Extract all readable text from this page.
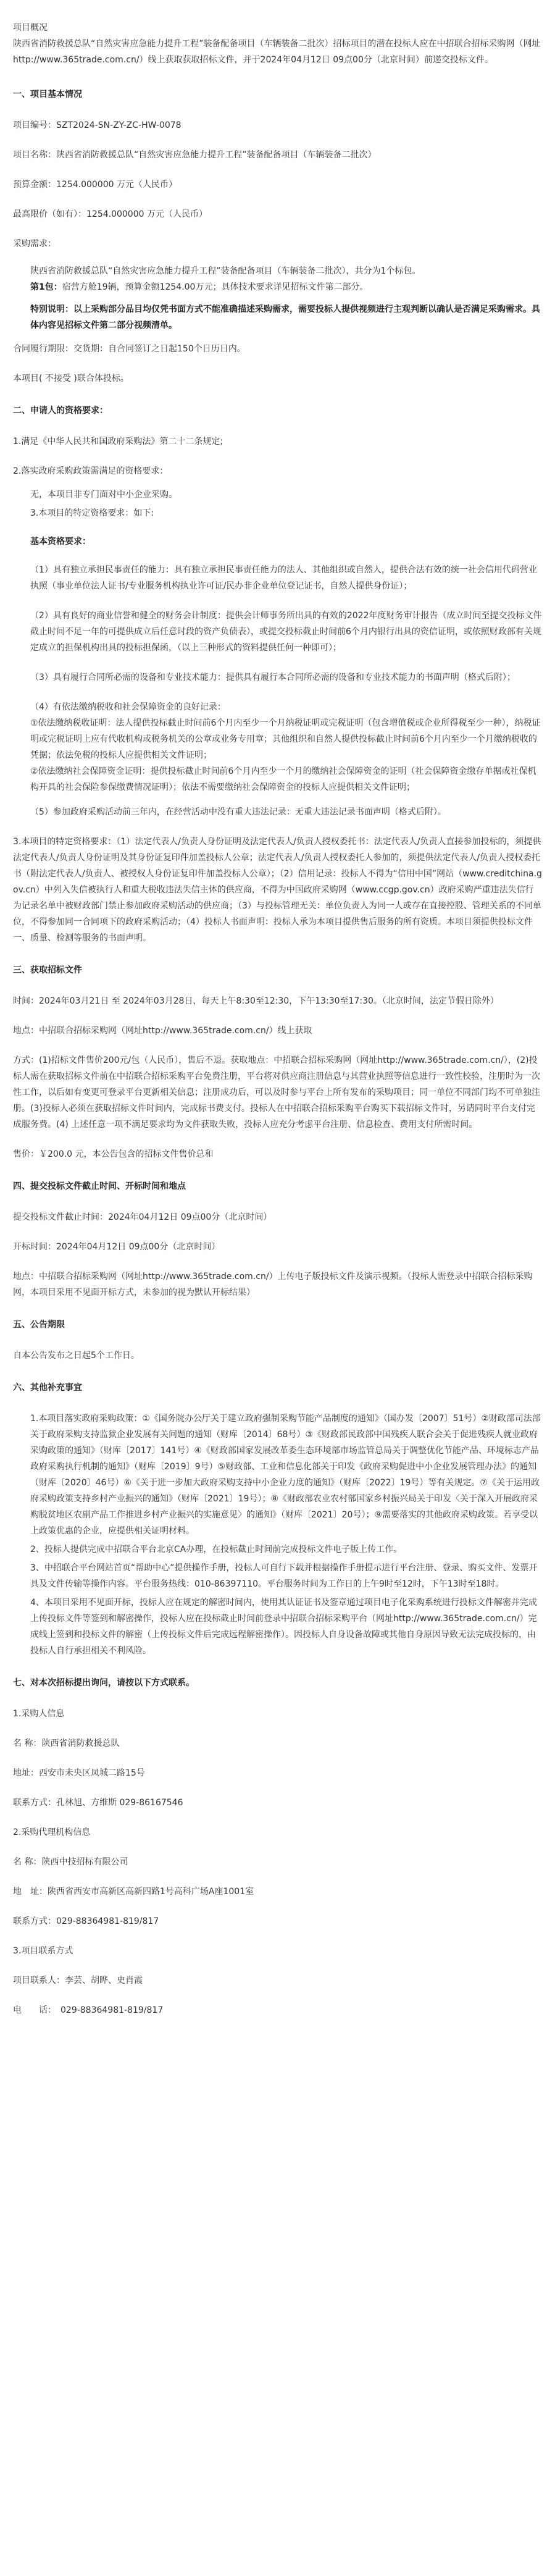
项目概况

陕西省消防救援总队“自然灾害应急能力提升工程”装备配备项目（车辆装备二批次）招标项目的潜在投标人应在中招联合招标采购网（网址http://www.365trade.com.cn/）线上获取获取招标文件，并于2024年04月12日 09点00分（北京时间）前递交投标文件。

一、项目基本情况

项目编号：SZT2024-SN-ZY-ZC-HW-0078

项目名称：陕西省消防救援总队“自然灾害应急能力提升工程”装备配备项目（车辆装备二批次）

预算金额：1254.000000 万元（人民币）

最高限价（如有）：1254.000000 万元（人民币）

采购需求：

陕西省消防救援总队“自然灾害应急能力提升工程”装备配备项目（车辆装备二批次），共分为1个标包。

第1包：宿营方舱19辆，预算金额1254.00万元；具体技术要求详见招标文件第二部分。

特别说明：以上采购部分品目均仅凭书面方式不能准确描述采购需求，需要投标人提供视频进行主观判断以确认是否满足采购需求。具体内容见招标文件第二部分视频清单。

合同履行期限：交货期：自合同签订之日起150个日历日内。

本项目( 不接受 )联合体投标。

二、申请人的资格要求：

1.满足《中华人民共和国政府采购法》第二十二条规定;

2.落实政府采购政策需满足的资格要求：

无，本项目非专门面对中小企业采购。

3.本项目的特定资格要求：如下:

基本资格要求：

（1）具有独立承担民事责任的能力：具有独立承担民事责任能力的法人、其他组织或自然人，提供合法有效的统一社会信用代码营业执照（事业单位法人证书/专业服务机构执业许可证/民办非企业单位登记证书，自然人提供身份证）；

（2）具有良好的商业信誉和健全的财务会计制度：提供会计师事务所出具的有效的2022年度财务审计报告（成立时间至提交投标文件截止时间不足一年的可提供成立后任意时段的资产负债表），或提交投标截止时间前6个月内银行出具的资信证明，或依照财政部有关规定成立的担保机构出具的投标担保函，（以上三种形式的资料提供任何一种即可）；

（3）具有履行合同所必需的设备和专业技术能力：提供具有履行本合同所必需的设备和专业技术能力的书面声明（格式后附）；

（4）有依法缴纳税收和社会保障资金的良好记录：

①依法缴纳税收证明：法人提供投标截止时间前6个月内至少一个月纳税证明或完税证明（包含增值税或企业所得税至少一种），纳税证明或完税证明上应有代收机构或税务机关的公章或业务专用章；其他组织和自然人提供投标截止时间前6个月内至少一个月缴纳税收的凭据；依法免税的投标人应提供相关文件证明；

②依法缴纳社会保障资金证明：提供投标截止时间前6个月内至少一个月的缴纳社会保障资金的证明（社会保障资金缴存单据或社保机构开具的社会保险参保缴费情况证明）；依法不需要缴纳社会保障资金的投标人应提供相关文件证明；

（5）参加政府采购活动前三年内，在经营活动中没有重大违法记录：无重大违法记录书面声明（格式后附）。

3.本项目的特定资格要求：（1）法定代表人/负责人身份证明及法定代表人/负责人授权委托书：法定代表人/负责人直接参加投标的，须提供法定代表人/负责人身份证明及其身份证复印件加盖投标人公章；法定代表人/负责人授权委托人参加的，须提供法定代表人/负责人授权委托书（附法定代表人/负责人、被授权人身份证复印件加盖投标人公章）；（2）信用记录：投标人不得为“信用中国”网站（www.creditchina.gov.cn）中列入失信被执行人和重大税收违法失信主体的供应商，不得为中国政府采购网（www.ccgp.gov.cn）政府采购严重违法失信行为记录名单中被财政部门禁止参加政府采购活动的供应商；（3）与投标管理无关：单位负责人为同一人或存在直接控股、管理关系的不同单位，不得参加同一合同项下的政府采购活动；（4）投标人书面声明：投标人承为本项目提供售后服务的所有资质。本项目须提供投标文件一、质量、检测等服务的书面声明。

三、获取招标文件

时间：2024年03月21日 至 2024年03月28日，每天上午8:30至12:30，下午13:30至17:30。（北京时间，法定节假日除外）

地点：中招联合招标采购网（网址http://www.365trade.com.cn/）线上获取

方式：(1)招标文件售价200元/包（人民币），售后不退。获取地点：中招联合招标采购网（网址http://www.365trade.com.cn/），(2)投标人需在获取招标文件前在中招联合招标采购平台免费注册，平台将对供应商注册信息与其营业执照等信息进行一致性校验，注册时为一次性工作，以后如有变更可登录平台更新相关信息；注册成功后，可以及时参与平台上所有发布的采购项目；同一单位不同部门均不可单独注册。(3)投标人必须在获取招标文件时间内，完成标书费支付。投标人在中招联合招标采购平台购买下载招标文件时，另请同时平台支付完成服务费。(4) 上述任意一项不满足要求均为文件获取失败，投标人应充分考虑平台注册、信息检查、费用支付所需时间。

售价：￥200.0 元，本公告包含的招标文件售价总和

四、提交投标文件截止时间、开标时间和地点

提交投标文件截止时间：2024年04月12日 09点00分（北京时间）

开标时间：2024年04月12日 09点00分（北京时间）

地点：中招联合招标采购网（网址http://www.365trade.com.cn/）上传电子版投标文件及演示视频。（投标人需登录中招联合招标采购网，本项目采用不见面开标方式，未参加的视为默认开标结果）

五、公告期限

自本公告发布之日起5个工作日。

六、其他补充事宜

1.本项目落实政府采购政策：①《国务院办公厅关于建立政府强制采购节能产品制度的通知》（国办发〔2007〕51号）②财政部司法部关于政府采购支持监狱企业发展有关问题的通知（财库〔2014〕68号）③《财政部民政部中国残疾人联合会关于促进残疾人就业政府采购政策的通知》（财库〔2017〕141号）④《财政部国家发展改革委生态环境部市场监管总局关于调整优化节能产品、环境标志产品政府采购执行机制的通知》（财库〔2019〕9号）⑤财政部、工业和信息化部关于印发《政府采购促进中小企业发展管理办法》的通知（财库〔2020〕46号）⑥《关于进一步加大政府采购支持中小企业力度的通知》（财库〔2022〕19号）等有关规定。⑦《关于运用政府采购政策支持乡村产业振兴的通知》（财库〔2021〕19号）；⑧《财政部农业农村部国家乡村振兴局关于印发〈关于深入开展政府采购脱贫地区农副产品工作推进乡村产业振兴的实施意见〉的通知》（财库〔2021〕20号）；⑨需要落实的其他政府采购政策。若享受以上政策优惠的企业，应提供相关证明材料。

2、投标人提供完成中招联合平台北京CA办理，在投标截止时间前完成投标文件电子版上传工作。

3、中招联合平台网站首页“帮助中心”提供操作手册，投标人可自行下载并根据操作手册提示进行平台注册、登录、购买文件、发票开具及文件传输等操作内容。平台服务热线：010-86397110。平台服务时间为工作日的上午9时至12时，下午13时至18时。

4、本项目采用不见面开标，投标人应在规定的解密时间内，使用其认证证书及签章通过项目电子化采购系统进行投标文件解密并完成上传投标文件等签到和解密操作，投标人应在投标截止时间前登录中招联合招标采购平台（网址http://www.365trade.com.cn/）完成线上签到和投标文件的解密（上传投标文件后完成远程解密操作）。因投标人自身设备故障或其他自身原因导致无法完成投标的，由投标人自行承担相关不利风险。

七、对本次招标提出询问，请按以下方式联系。

1.采购人信息

名 称：陕西省消防救援总队

地址：西安市未央区凤城二路15号

联系方式：孔林旭、方维斯 029-86167546

2.采购代理机构信息

名 称：陕西中技招标有限公司

地　址：陕西省西安市高新区高新四路1号高科广场A座1001室

联系方式：029-88364981-819/817

3.项目联系方式

项目联系人：李芸、胡晔、史肖霞

电　　话：　029-88364981-819/817
